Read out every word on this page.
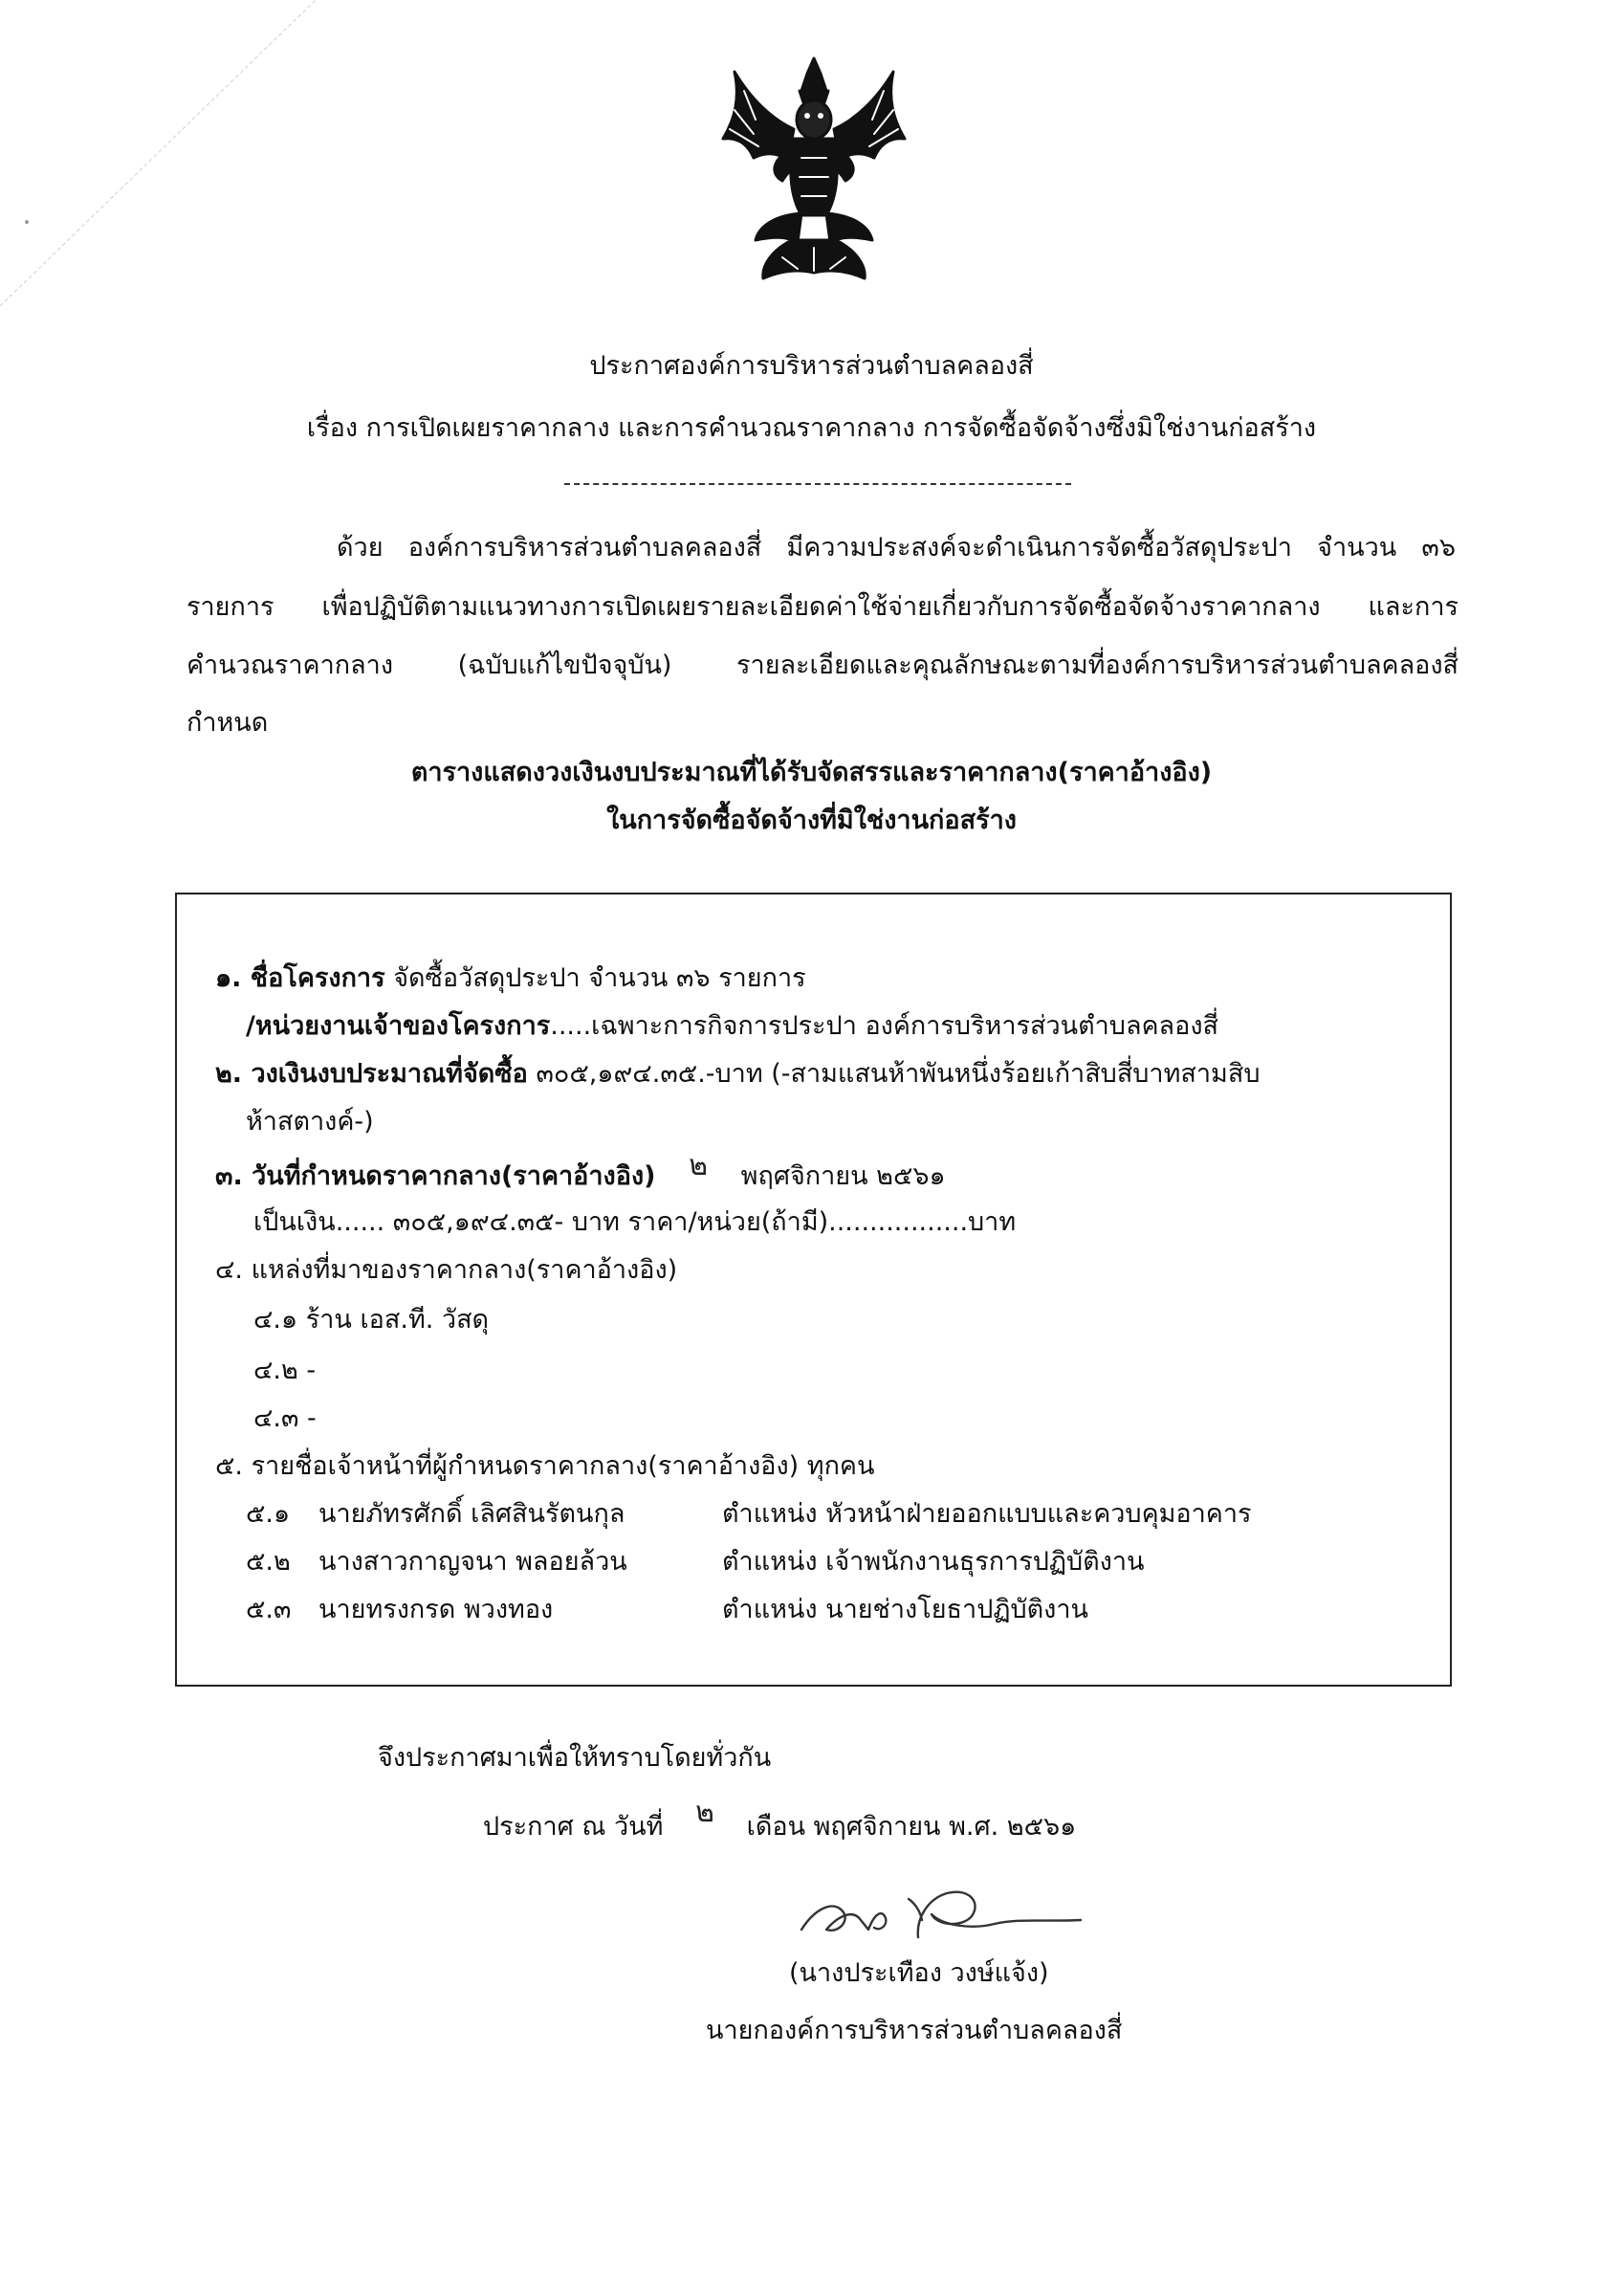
ประกาศองค์การบริหารส่วนตำบลคลองสี่
เรื่อง การเปิดเผยราคากลาง และการคำนวณราคากลาง การจัดซื้อจัดจ้างซึ่งมิใช่งานก่อสร้าง
ด้วย องค์การบริหารส่วนตำบลคลองสี่ มีความประสงค์จะดำเนินการจัดซื้อวัสดุประปา จำนวน ๓๖
รายการ เพื่อปฏิบัติตามแนวทางการเปิดเผยรายละเอียดค่าใช้จ่ายเกี่ยวกับการจัดซื้อจัดจ้างราคากลาง และการ
คำนวณราคากลาง (ฉบับแก้ไขปัจจุบัน) รายละเอียดและคุณลักษณะตามที่องค์การบริหารส่วนตำบลคลองสี่
กำหนด
ตารางแสดงวงเงินงบประมาณที่ได้รับจัดสรรและราคากลาง(ราคาอ้างอิง)
ในการจัดซื้อจัดจ้างที่มิใช่งานก่อสร้าง
๑. ชื่อโครงการ จัดซื้อวัสดุประปา จำนวน ๓๖ รายการ
/หน่วยงานเจ้าของโครงการ.....เฉพาะการกิจการประปา องค์การบริหารส่วนตำบลคลองสี่
๒. วงเงินงบประมาณที่จัดซื้อ ๓๐๕,๑๙๔.๓๕.-บาท (-สามแสนห้าพันหนึ่งร้อยเก้าสิบสี่บาทสามสิบ
ห้าสตางค์-)
๓. วันที่กำหนดราคากลาง(ราคาอ้างอิง) ๒ พฤศจิกายน ๒๕๖๑
เป็นเงิน...... ๓๐๕,๑๙๔.๓๕- บาท ราคา/หน่วย(ถ้ามี).................บาท
๔. แหล่งที่มาของราคากลาง(ราคาอ้างอิง)
๔.๑ ร้าน เอส.ที. วัสดุ
๔.๒ -
๔.๓ -
๕. รายชื่อเจ้าหน้าที่ผู้กำหนดราคากลาง(ราคาอ้างอิง) ทุกคน
๕.๑ นายภัทรศักดิ์ เลิศสินรัตนกุล	ตำแหน่ง หัวหน้าฝ่ายออกแบบและควบคุมอาคาร
๕.๒ นางสาวกาญจนา พลอยล้วน	ตำแหน่ง เจ้าพนักงานธุรการปฏิบัติงาน
๕.๓ นายทรงกรด พวงทอง	ตำแหน่ง นายช่างโยธาปฏิบัติงาน
จึงประกาศมาเพื่อให้ทราบโดยทั่วกัน
ประกาศ ณ วันที่ ๒ เดือน พฤศจิกายน พ.ศ. ๒๕๖๑
(นางประเทือง วงษ์แจ้ง)
นายกองค์การบริหารส่วนตำบลคลองสี่
